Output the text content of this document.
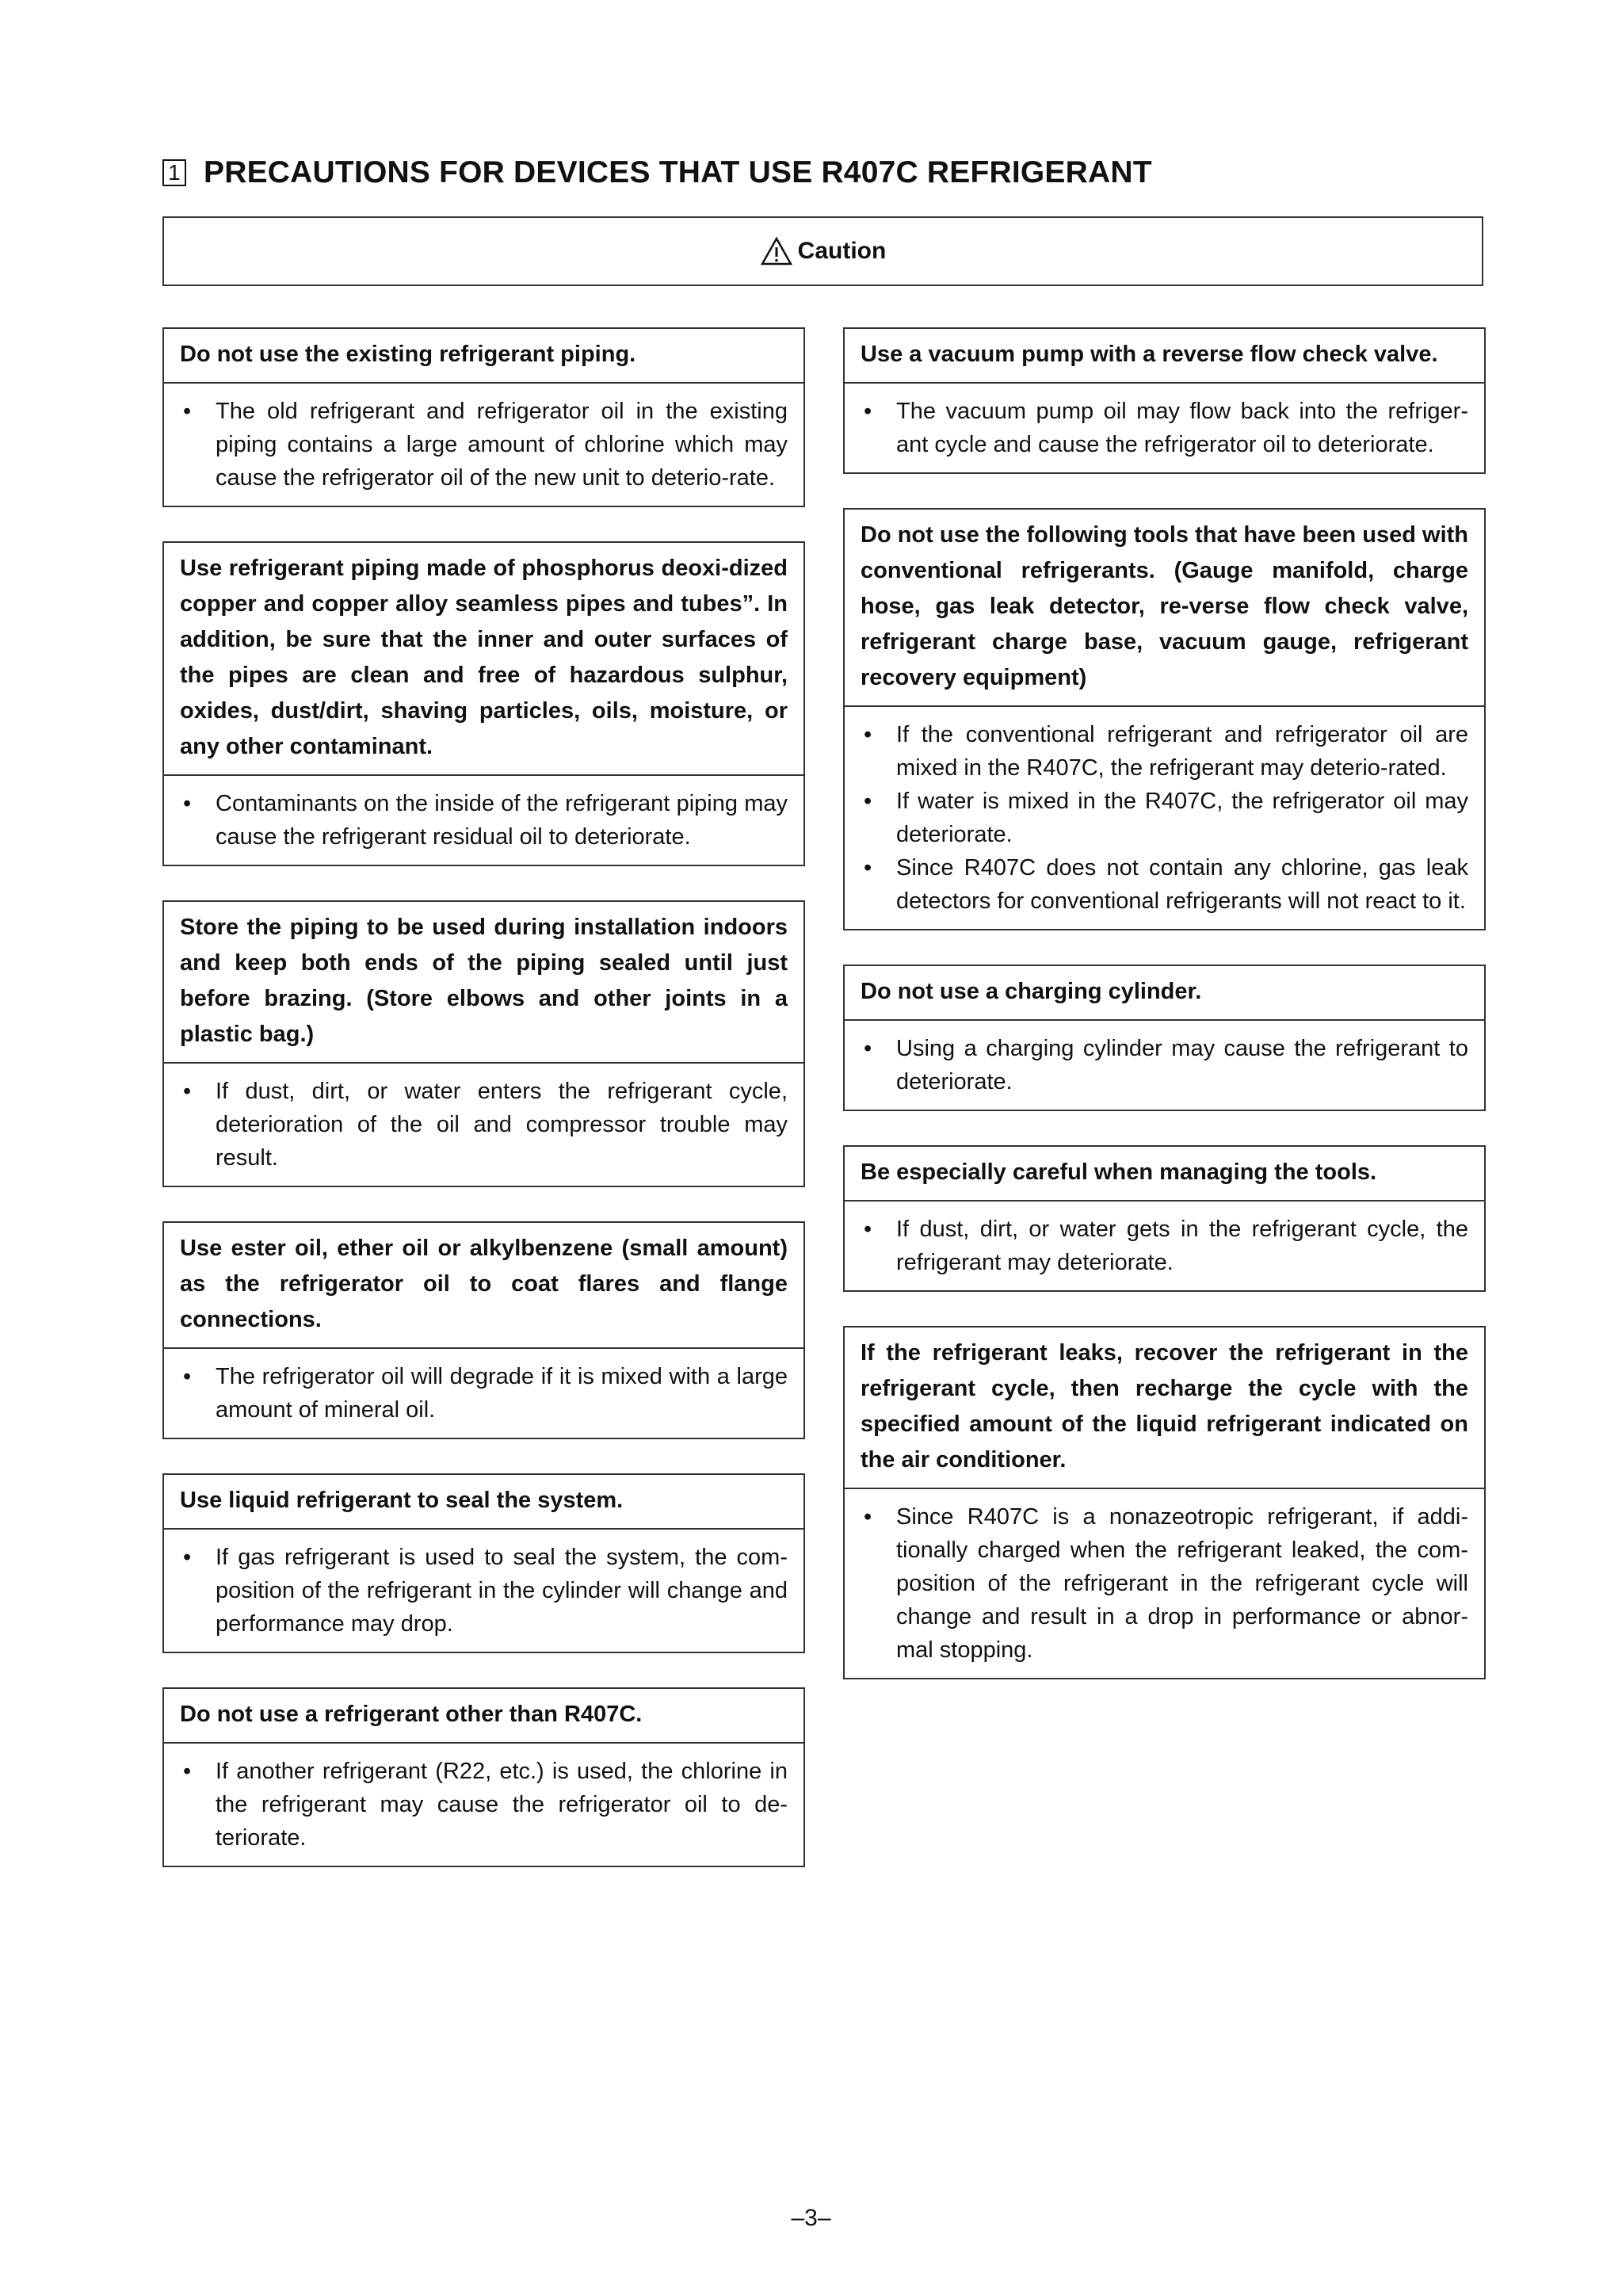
1 PRECAUTIONS FOR DEVICES THAT USE R407C REFRIGERANT
Caution
Do not use the existing refrigerant piping.
• The old refrigerant and refrigerator oil in the existing piping contains a large amount of chlorine which may cause the refrigerator oil of the new unit to deterio-rate.
Use refrigerant piping made of phosphorus deoxi-dized copper and copper alloy seamless pipes and tubes”. In addition, be sure that the inner and outer surfaces of the pipes are clean and free of hazardous sulphur, oxides, dust/dirt, shaving particles, oils, moisture, or any other contaminant.
• Contaminants on the inside of the refrigerant piping may cause the refrigerant residual oil to deteriorate.
Store the piping to be used during installation indoors and keep both ends of the piping sealed until just before brazing. (Store elbows and other joints in a plastic bag.)
• If dust, dirt, or water enters the refrigerant cycle, deterioration of the oil and compressor trouble may result.
Use ester oil, ether oil or alkylbenzene (small amount) as the refrigerator oil to coat flares and flange connections.
• The refrigerator oil will degrade if it is mixed with a large amount of mineral oil.
Use liquid refrigerant to seal the system.
• If gas refrigerant is used to seal the system, the com-position of the refrigerant in the cylinder will change and performance may drop.
Do not use a refrigerant other than R407C.
• If another refrigerant (R22, etc.) is used, the chlorine in the refrigerant may cause the refrigerator oil to de-teriorate.
Use a vacuum pump with a reverse flow check valve.
• The vacuum pump oil may flow back into the refriger-ant cycle and cause the refrigerator oil to deteriorate.
Do not use the following tools that have been used with conventional refrigerants. (Gauge manifold, charge hose, gas leak detector, re-verse flow check valve, refrigerant charge base, vacuum gauge, refrigerant recovery equipment)
• If the conventional refrigerant and refrigerator oil are mixed in the R407C, the refrigerant may deterio-rated.
• If water is mixed in the R407C, the refrigerator oil may deteriorate.
• Since R407C does not contain any chlorine, gas leak detectors for conventional refrigerants will not react to it.
Do not use a charging cylinder.
• Using a charging cylinder may cause the refrigerant to deteriorate.
Be especially careful when managing the tools.
• If dust, dirt, or water gets in the refrigerant cycle, the refrigerant may deteriorate.
If the refrigerant leaks, recover the refrigerant in the refrigerant cycle, then recharge the cycle with the specified amount of the liquid refrigerant indicated on the air conditioner.
• Since R407C is a nonazeotropic refrigerant, if addi-tionally charged when the refrigerant leaked, the com-position of the refrigerant in the refrigerant cycle will change and result in a drop in performance or abnor-mal stopping.
–3–
